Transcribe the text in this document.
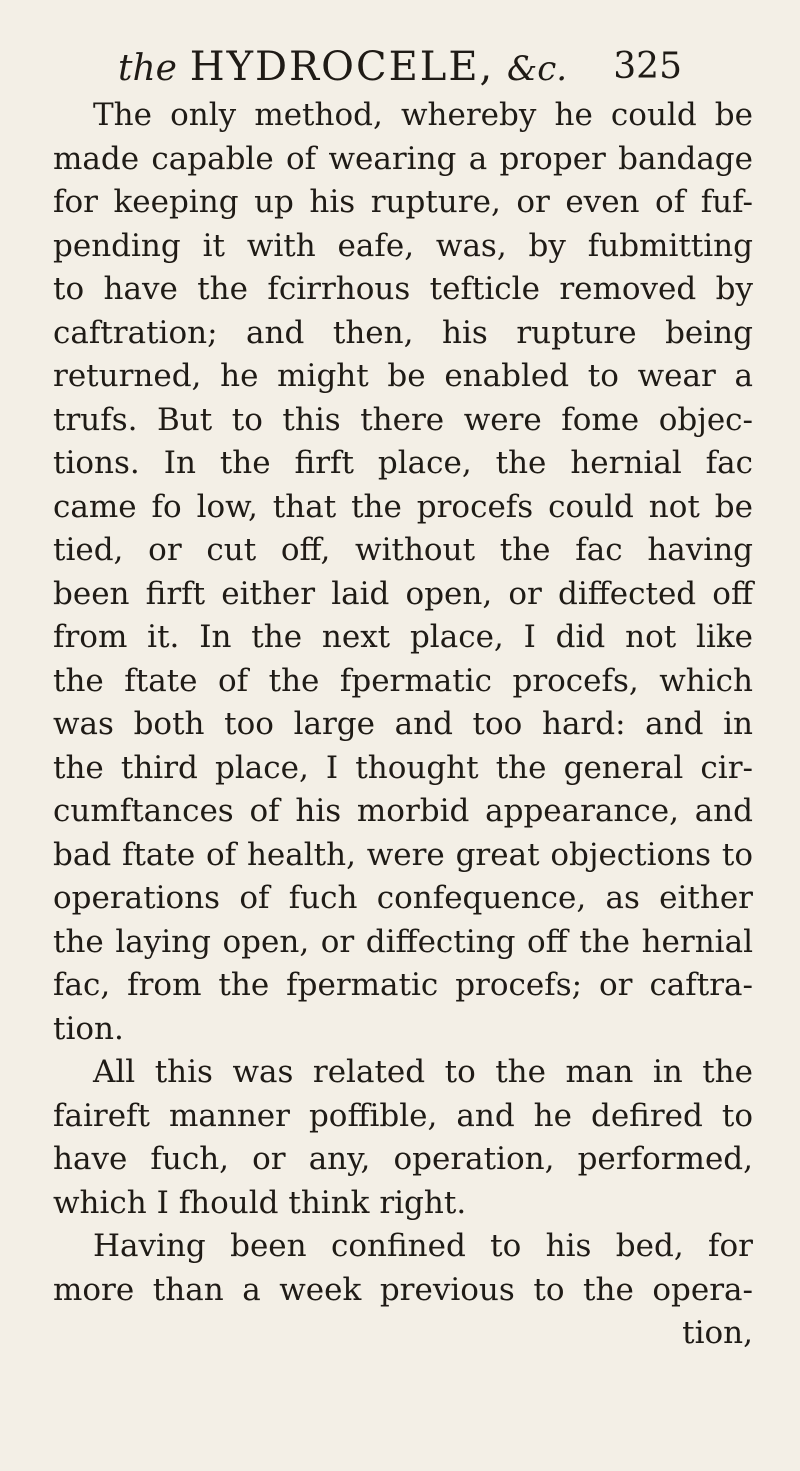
the HYDROCELE, &c. 325
The only method, whereby he could be
made capable of wearing a proper bandage
for keeping up his rupture, or even of fuf-
pending it with eafe, was, by fubmitting
to have the fcirrhous tefticle removed by
caftration; and then, his rupture being
returned, he might be enabled to wear a
trufs. But to this there were fome objec-
tions. In the firft place, the hernial fac
came fo low, that the procefs could not be
tied, or cut off, without the fac having
been firft either laid open, or diffected off
from it. In the next place, I did not like
the ftate of the fpermatic procefs, which
was both too large and too hard: and in
the third place, I thought the general cir-
cumftances of his morbid appearance, and
bad ftate of health, were great objections to
operations of fuch confequence, as either
the laying open, or diffecting off the hernial
fac, from the fpermatic procefs; or caftra-
tion.
All this was related to the man in the
faireft manner poffible, and he defired to
have fuch, or any, operation, performed,
which I fhould think right.
Having been confined to his bed, for
more than a week previous to the opera-
tion,
